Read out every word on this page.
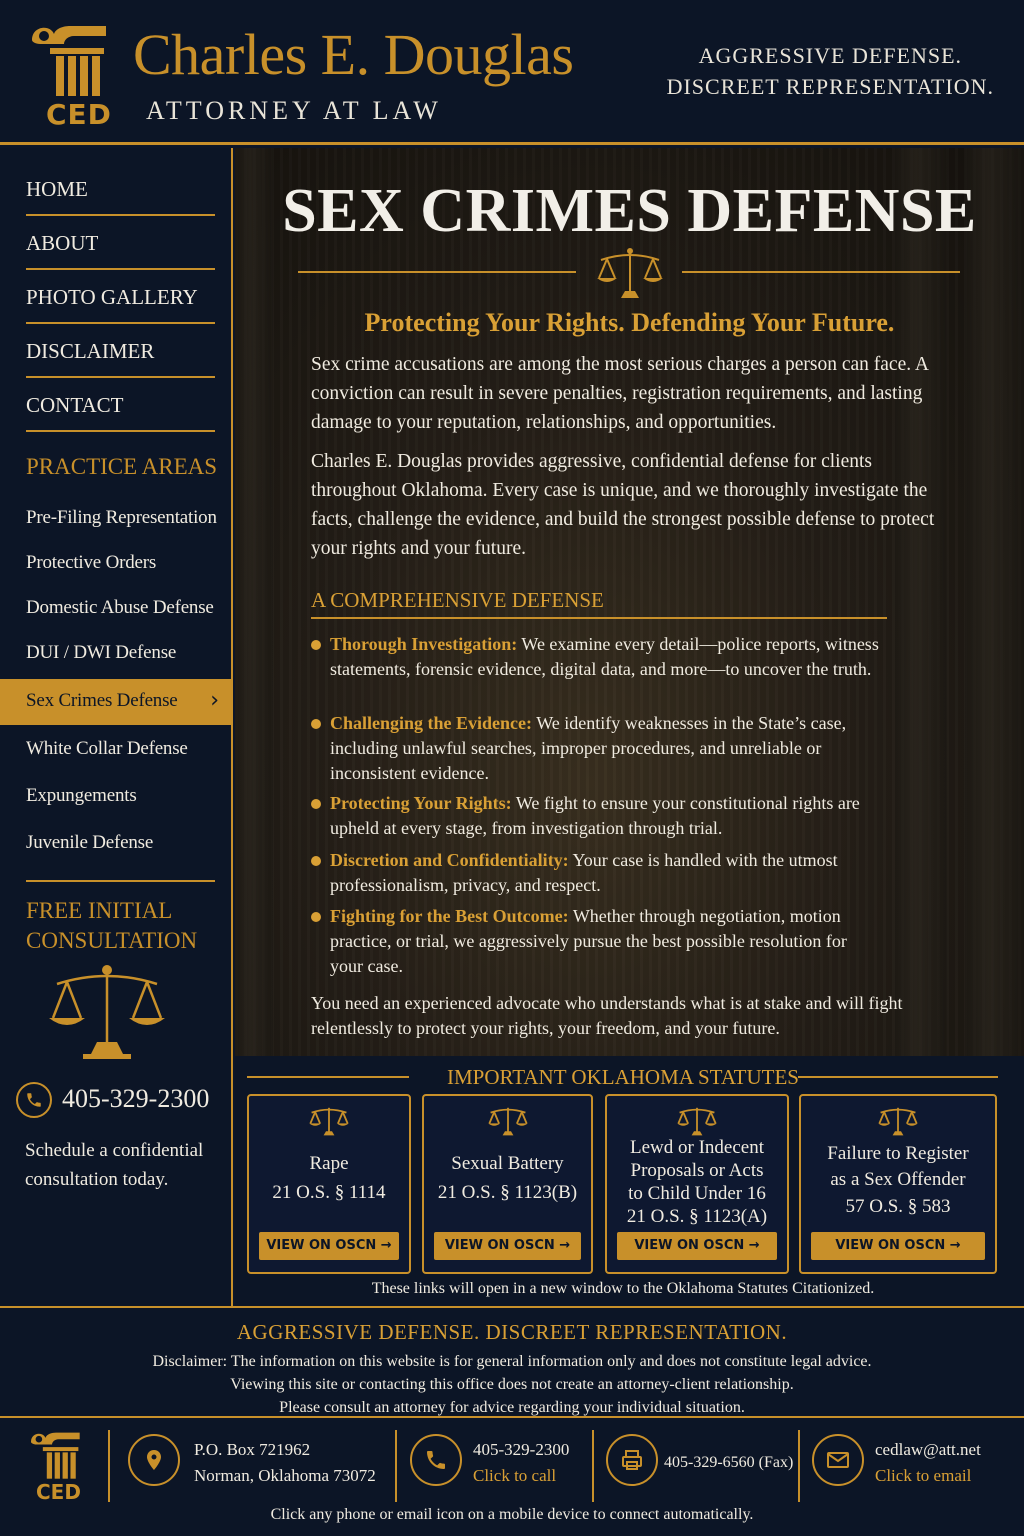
CED
Charles E. Douglas
ATTORNEY AT LAW
AGGRESSIVE DEFENSE.
DISCREET REPRESENTATION.
HOME
ABOUT
PHOTO GALLERY
DISCLAIMER
CONTACT
PRACTICE AREAS
Pre-Filing Representation
Protective Orders
Domestic Abuse Defense
DUI / DWI Defense
Sex Crimes Defense ›
White Collar Defense
Expungements
Juvenile Defense
FREE INITIAL CONSULTATION
405-329-2300
Schedule a confidential consultation today.
SEX CRIMES DEFENSE
Protecting Your Rights. Defending Your Future.

Sex crime accusations are among the most serious charges a person can face. A conviction can result in severe penalties, registration requirements, and lasting damage to your reputation, relationships, and opportunities.

Charles E. Douglas provides aggressive, confidential defense for clients throughout Oklahoma. Every case is unique, and we thoroughly investigate the facts, challenge the evidence, and build the strongest possible defense to protect your rights and your future.

A COMPREHENSIVE DEFENSE
Thorough Investigation: We examine every detail—police reports, witness statements, forensic evidence, digital data, and more—to uncover the truth.
Challenging the Evidence: We identify weaknesses in the State’s case, including unlawful searches, improper procedures, and unreliable or inconsistent evidence.
Protecting Your Rights: We fight to ensure your constitutional rights are upheld at every stage, from investigation through trial.
Discretion and Confidentiality: Your case is handled with the utmost professionalism, privacy, and respect.
Fighting for the Best Outcome: Whether through negotiation, motion practice, or trial, we aggressively pursue the best possible resolution for your case.

You need an experienced advocate who understands what is at stake and will fight relentlessly to protect your rights, your freedom, and your future.

IMPORTANT OKLAHOMA STATUTES
Rape
21 O.S. § 1114
VIEW ON OSCN →
Sexual Battery
21 O.S. § 1123(B)
VIEW ON OSCN →
Lewd or Indecent
Proposals or Acts
to Child Under 16
21 O.S. § 1123(A)
VIEW ON OSCN →
Failure to Register
as a Sex Offender
57 O.S. § 583
VIEW ON OSCN →
These links will open in a new window to the Oklahoma Statutes Citationized.
AGGRESSIVE DEFENSE. DISCREET REPRESENTATION.
Disclaimer: The information on this website is for general information only and does not constitute legal advice.
Viewing this site or contacting this office does not create an attorney-client relationship.
Please consult an attorney for advice regarding your individual situation.
CED
P.O. Box 721962
Norman, Oklahoma 73072
405-329-2300
Click to call
405-329-6560 (Fax)
cedlaw@att.net
Click to email
Click any phone or email icon on a mobile device to connect automatically.
